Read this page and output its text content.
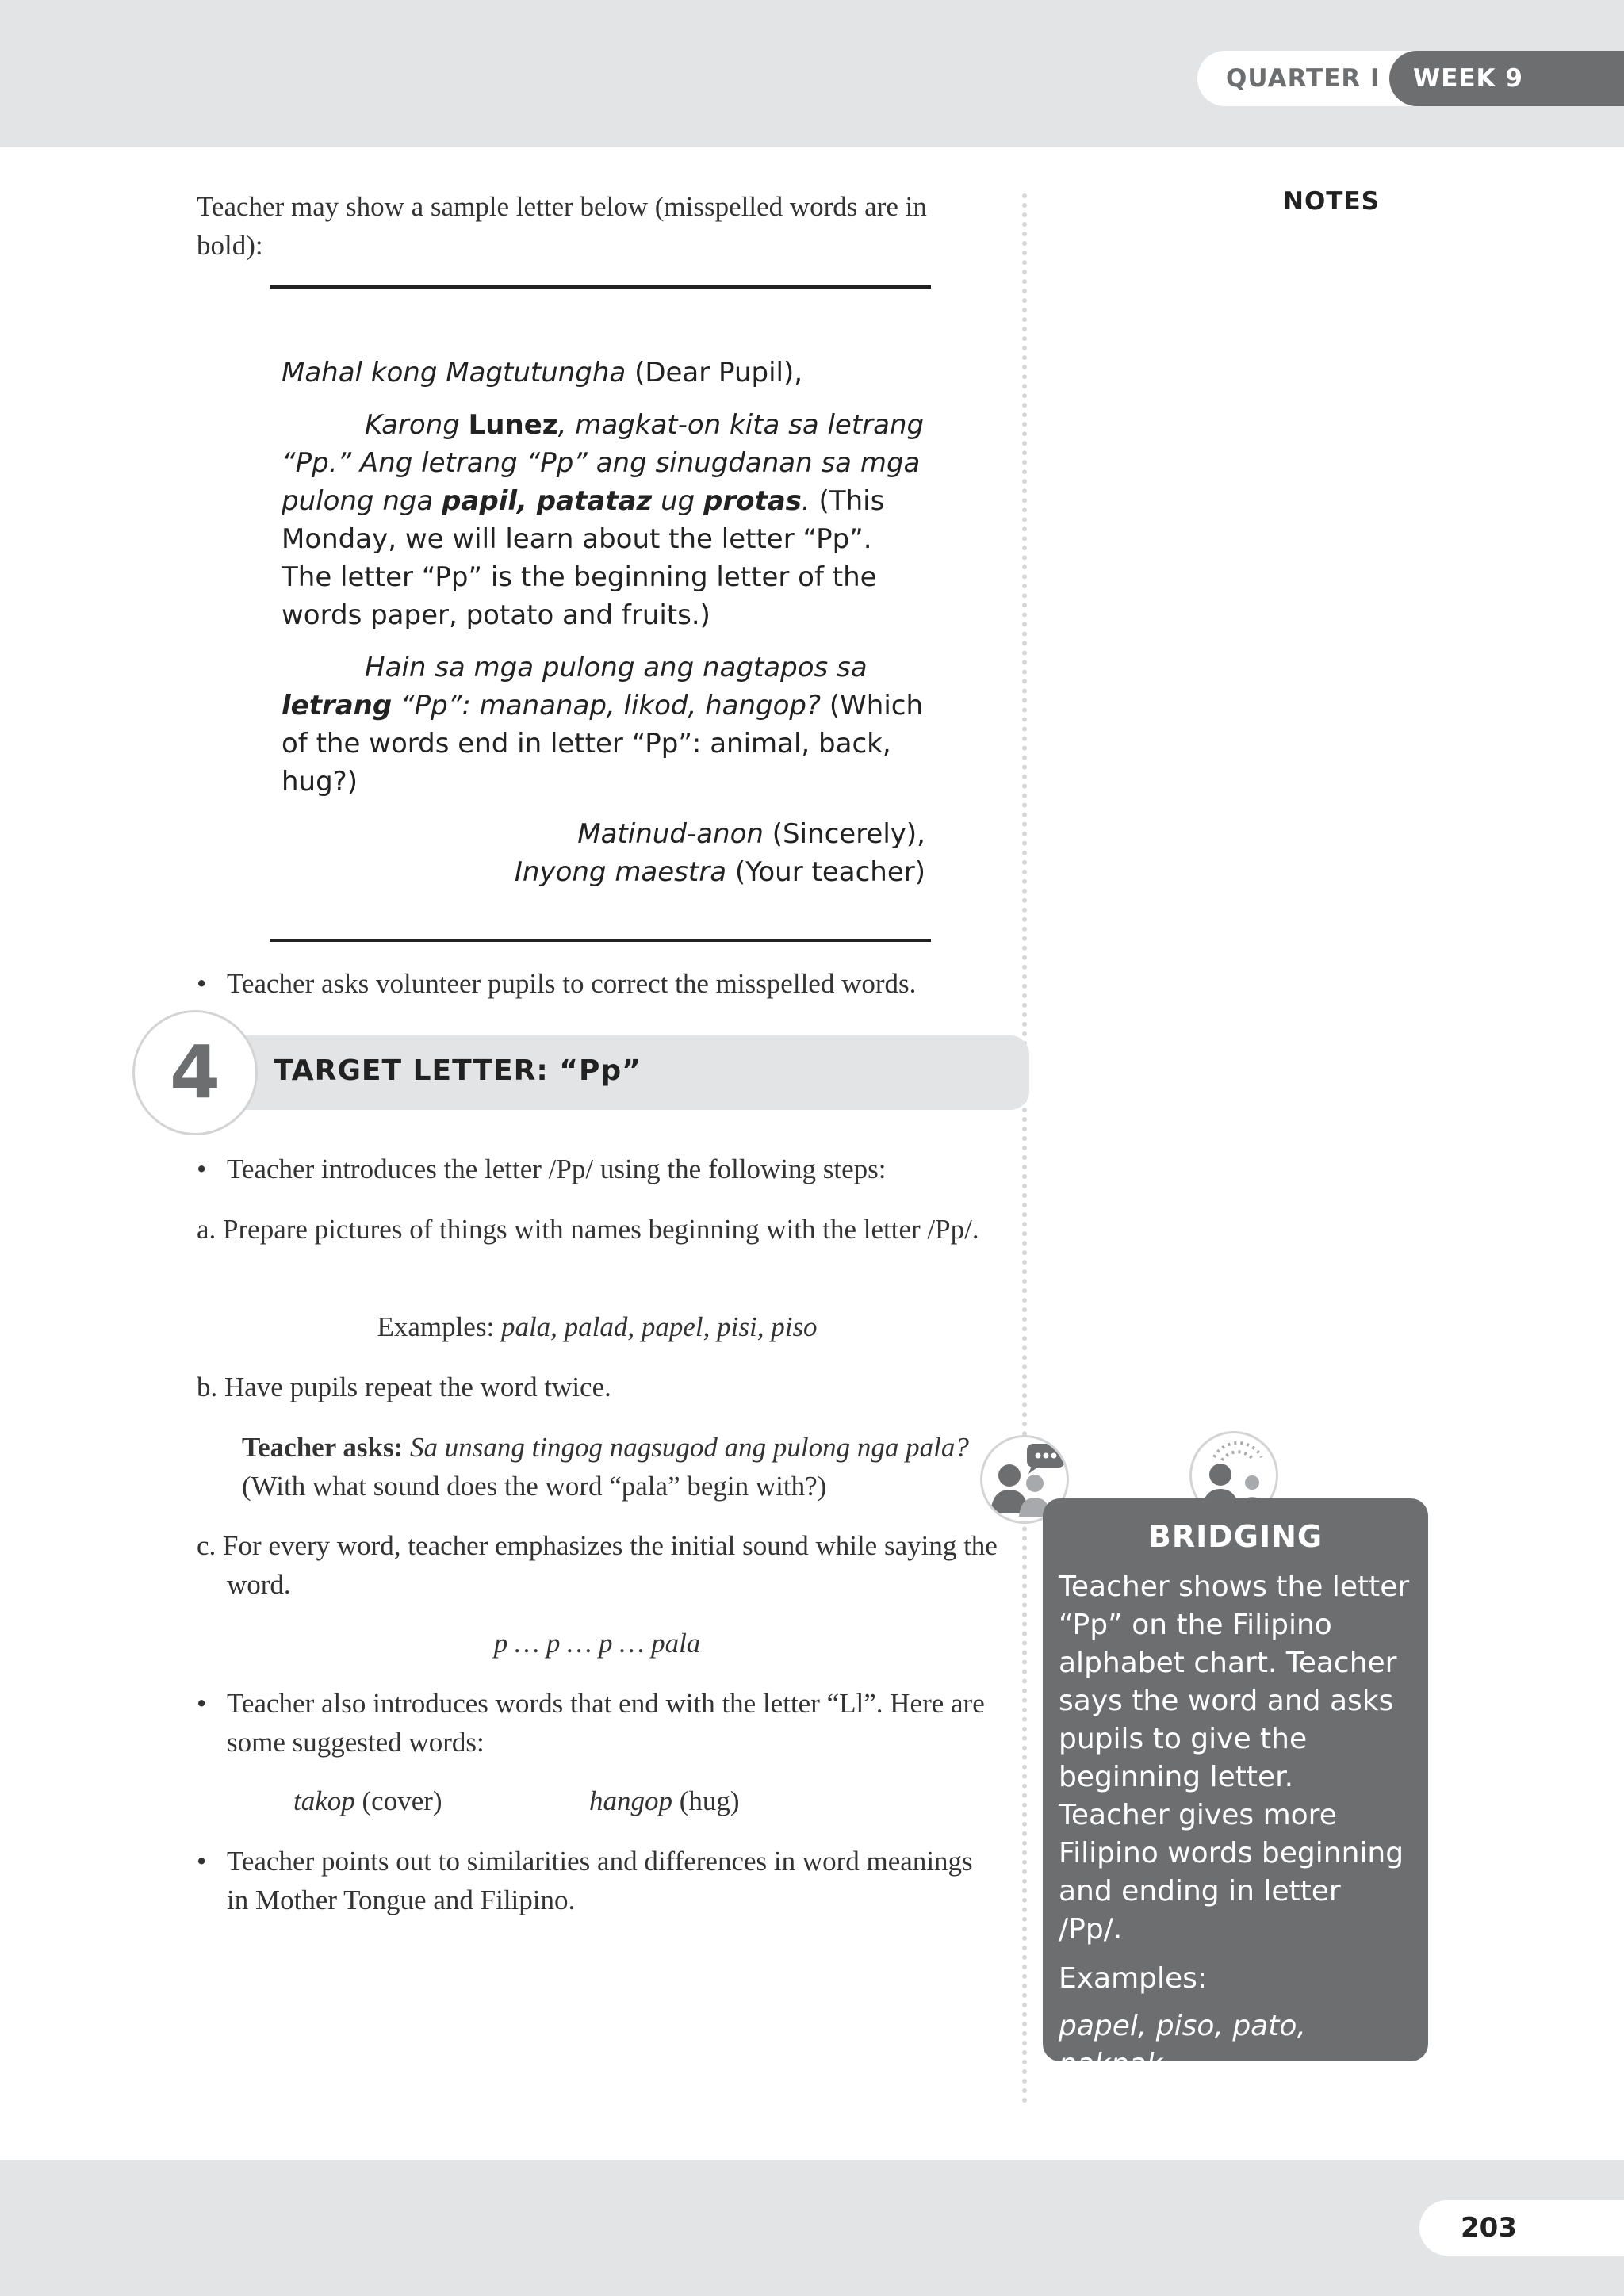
QUARTER I	WEEK 9
NOTES

Teacher may show a sample letter below (misspelled words are in bold):

Mahal kong Magtutungha (Dear Pupil),

Karong Lunez, magkat-on kita sa letrang “Pp.” Ang letrang “Pp” ang sinugdanan sa mga pulong nga papil, patataz ug protas. (This Monday, we will learn about the letter “Pp”. The letter “Pp” is the beginning letter of the words paper, potato and fruits.)

Hain sa mga pulong ang nagtapos sa letrang “Pp”: mananap, likod, hangop? (Which of the words end in letter “Pp”: animal, back, hug?)

Matinud-anon (Sincerely),

Inyong maestra (Your teacher)

• Teacher asks volunteer pupils to correct the misspelled words.
4	TARGET LETTER: “Pp”
• Teacher introduces the letter /Pp/ using the following steps:

a. Prepare pictures of things with names beginning with the letter /Pp/.

Examples: pala, palad, papel, pisi, piso

b. Have pupils repeat the word twice.

Teacher asks: Sa unsang tingog nagsugod ang pulong nga pala?
(With what sound does the word “pala” begin with?)

c. For every word, teacher emphasizes the initial sound while saying the word.

p … p … p … pala

• Teacher also introduces words that end with the letter “Ll”. Here are some suggested words:

takop (cover)	hangop (hug)

• Teacher points out to similarities and differences in word meanings in Mother Tongue and Filipino.
BRIDGING
Teacher shows the letter “Pp” on the Filipino alphabet chart. Teacher says the word and asks pupils to give the beginning letter. Teacher gives more Filipino words beginning and ending in letter /Pp/.
Examples:
papel, piso, pato, pakpak
203
